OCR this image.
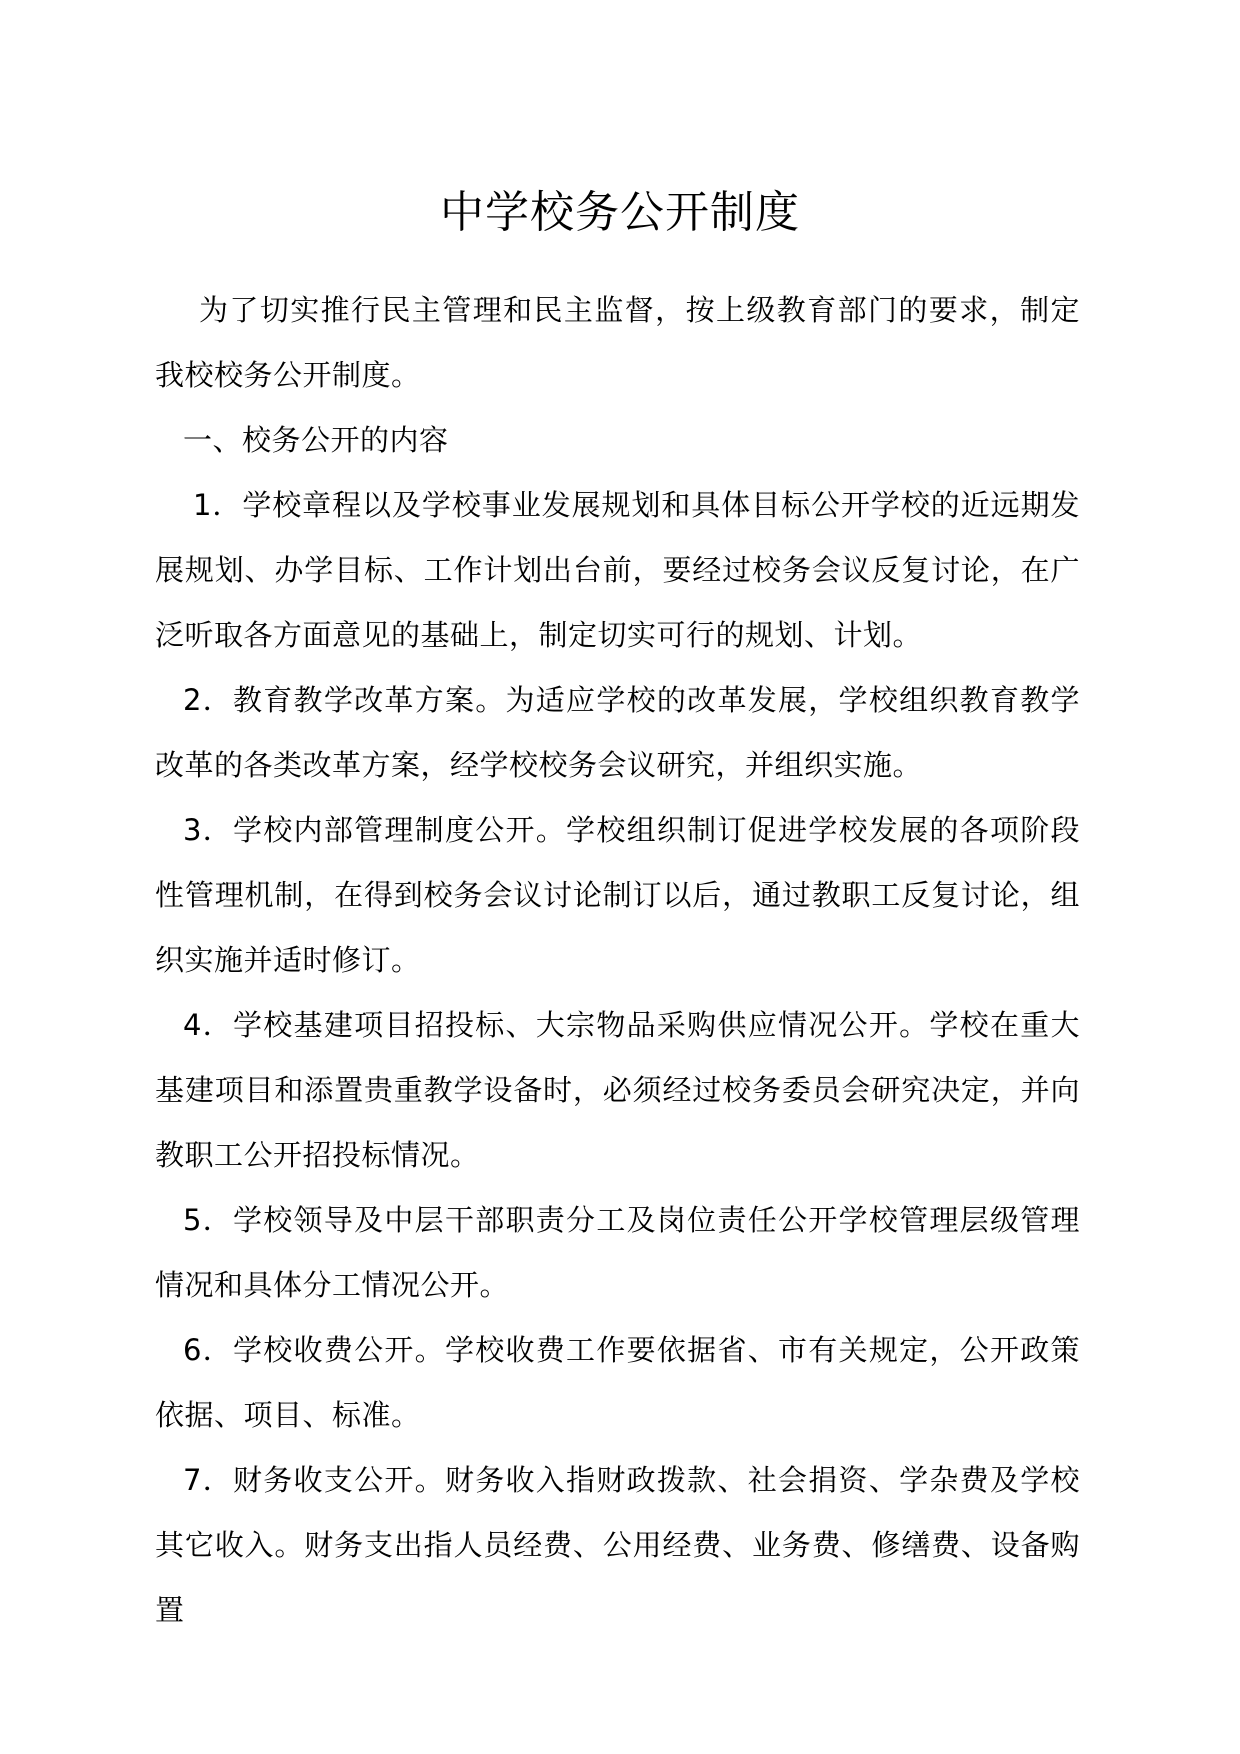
中学校务公开制度

为了切实推行民主管理和民主监督，按上级教育部门的要求，制定我校校务公开制度。

一、校务公开的内容

1．学校章程以及学校事业发展规划和具体目标公开学校的近远期发展规划、办学目标、工作计划出台前，要经过校务会议反复讨论，在广泛听取各方面意见的基础上，制定切实可行的规划、计划。

2．教育教学改革方案。为适应学校的改革发展，学校组织教育教学改革的各类改革方案，经学校校务会议研究，并组织实施。

3．学校内部管理制度公开。学校组织制订促进学校发展的各项阶段性管理机制，在得到校务会议讨论制订以后，通过教职工反复讨论，组织实施并适时修订。

4．学校基建项目招投标、大宗物品采购供应情况公开。学校在重大基建项目和添置贵重教学设备时，必须经过校务委员会研究决定，并向教职工公开招投标情况。

5．学校领导及中层干部职责分工及岗位责任公开学校管理层级管理情况和具体分工情况公开。

6．学校收费公开。学校收费工作要依据省、市有关规定，公开政策依据、项目、标准。

7．财务收支公开。财务收入指财政拨款、社会捐资、学杂费及学校其它收入。财务支出指人员经费、公用经费、业务费、修缮费、设备购置
